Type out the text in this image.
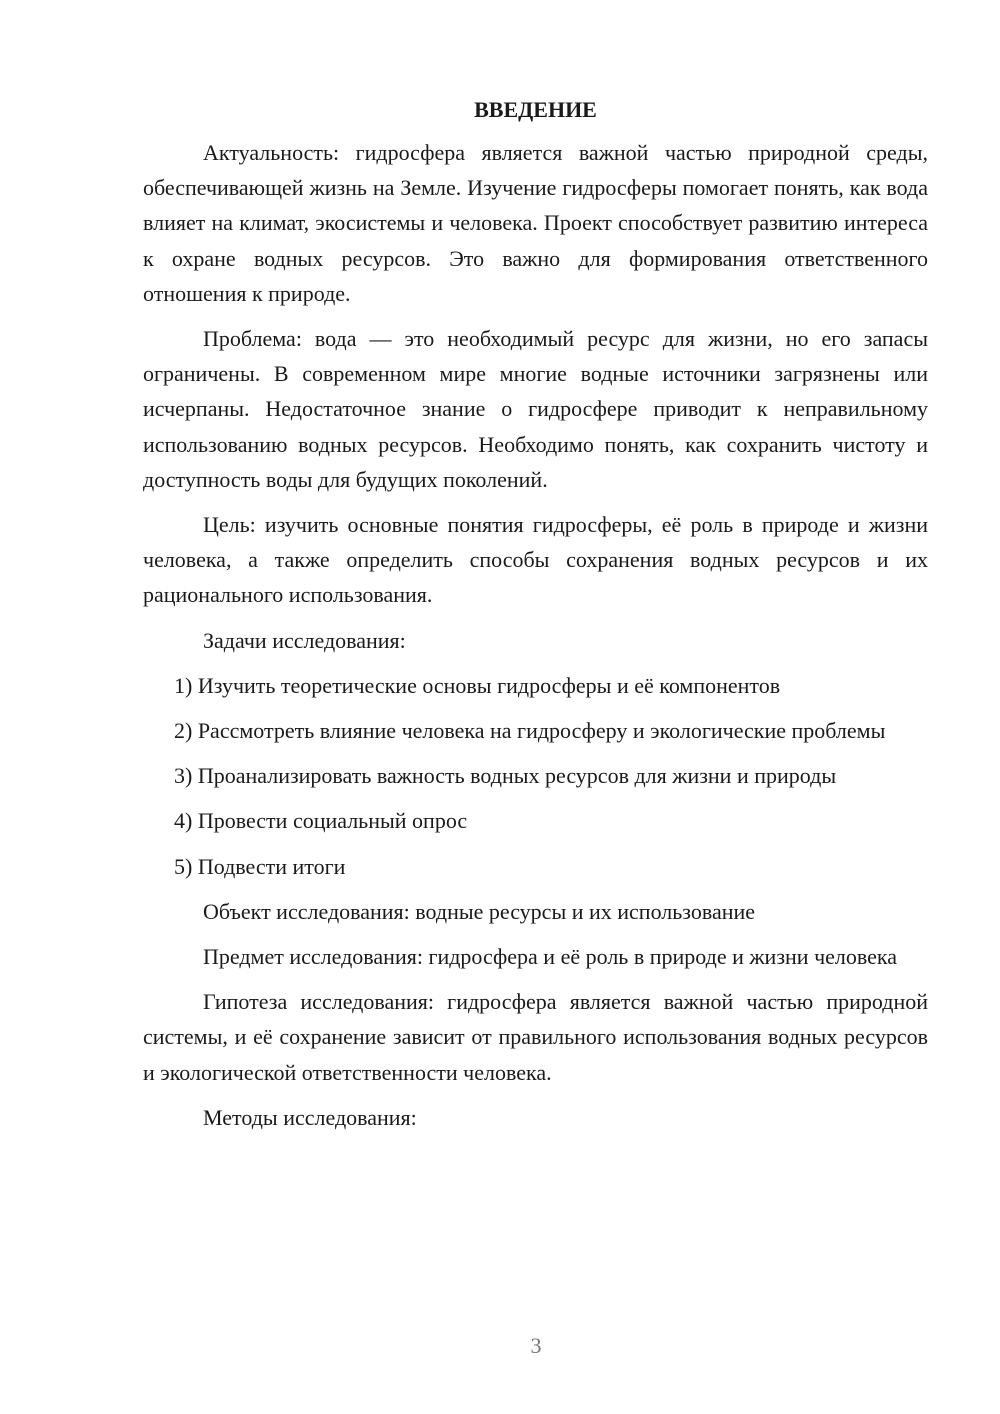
ВВЕДЕНИЕ

Актуальность: гидросфера является важной частью природной среды, обеспечивающей жизнь на Земле. Изучение гидросферы помогает понять, как вода влияет на климат, экосистемы и человека. Проект способствует развитию интереса к охране водных ресурсов. Это важно для формирования ответственного отношения к природе.

Проблема: вода — это необходимый ресурс для жизни, но его запасы ограничены. В современном мире многие водные источники загрязнены или исчерпаны. Недостаточное знание о гидросфере приводит к неправильному использованию водных ресурсов. Необходимо понять, как сохранить чистоту и доступность воды для будущих поколений.

Цель: изучить основные понятия гидросферы, её роль в природе и жизни человека, а также определить способы сохранения водных ресурсов и их рационального использования.

Задачи исследования:

1) Изучить теоретические основы гидросферы и её компонентов

2) Рассмотреть влияние человека на гидросферу и экологические проблемы

3) Проанализировать важность водных ресурсов для жизни и природы

4) Провести социальный опрос

5) Подвести итоги

Объект исследования: водные ресурсы и их использование

Предмет исследования: гидросфера и её роль в природе и жизни человека

Гипотеза исследования: гидросфера является важной частью природной системы, и её сохранение зависит от правильного использования водных ресурсов и экологической ответственности человека.

Методы исследования:

3
